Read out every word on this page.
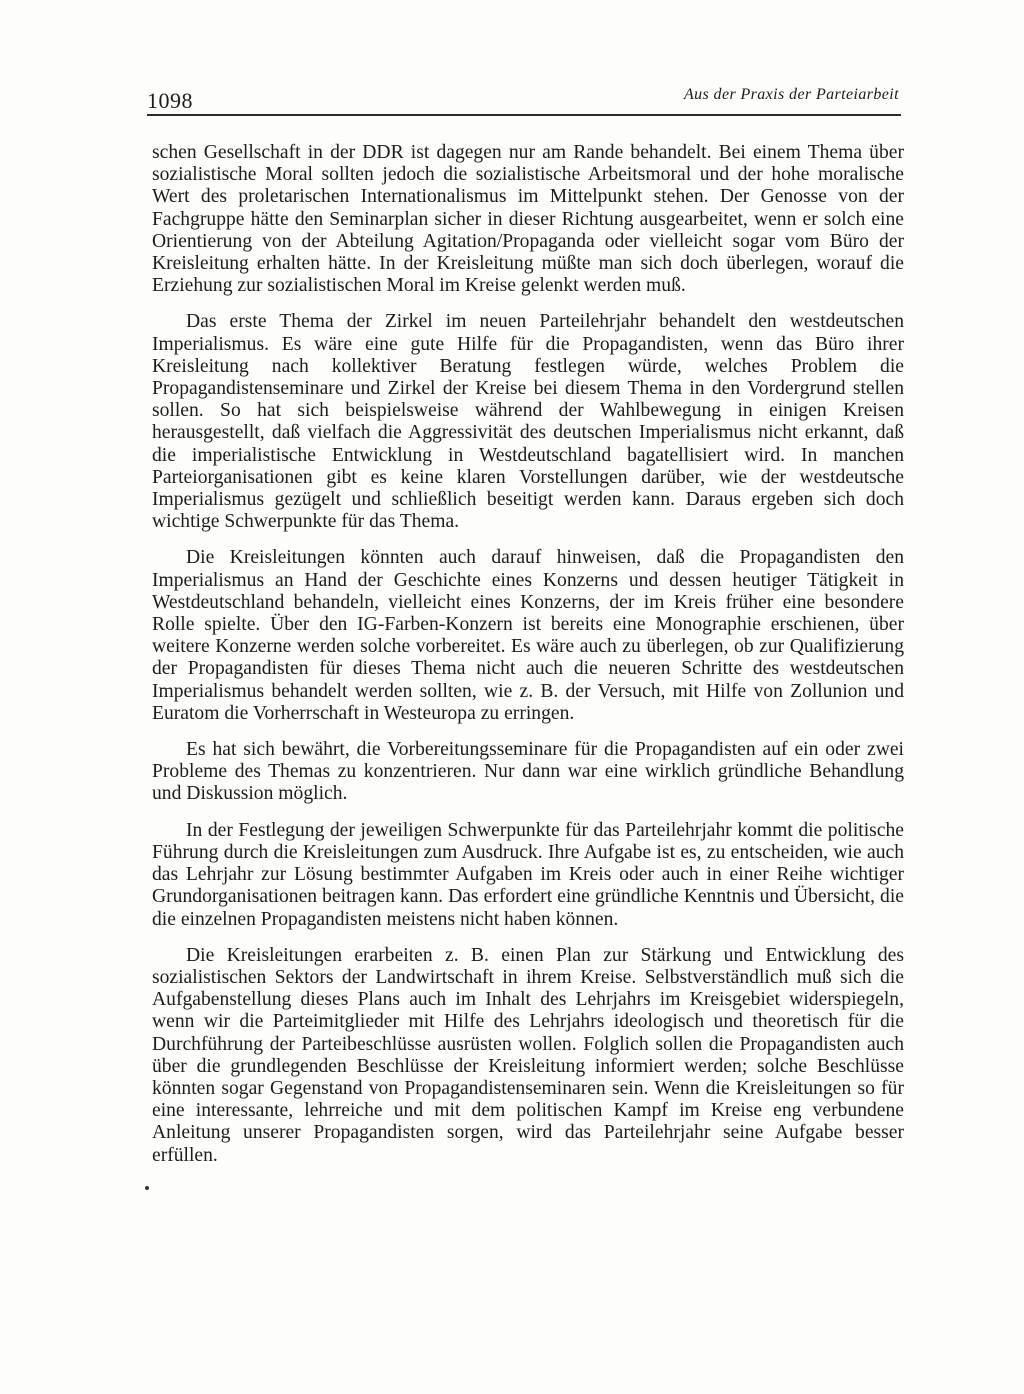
1098	Aus der Praxis der Parteiarbeit

schen Gesellschaft in der DDR ist dagegen nur am Rande behandelt. Bei einem Thema über sozialistische Moral sollten jedoch die sozialistische Arbeitsmoral und der hohe moralische Wert des proletarischen Internationalismus im Mittelpunkt stehen. Der Genosse von der Fachgruppe hätte den Seminarplan sicher in dieser Richtung ausgearbeitet, wenn er solch eine Orientierung von der Abteilung Agitation/Propaganda oder vielleicht sogar vom Büro der Kreisleitung erhalten hätte. In der Kreisleitung müßte man sich doch überlegen, worauf die Erziehung zur sozialistischen Moral im Kreise gelenkt werden muß.

Das erste Thema der Zirkel im neuen Parteilehrjahr behandelt den westdeutschen Imperialismus. Es wäre eine gute Hilfe für die Propagandisten, wenn das Büro ihrer Kreisleitung nach kollektiver Beratung festlegen würde, welches Problem die Propagandistenseminare und Zirkel der Kreise bei diesem Thema in den Vordergrund stellen sollen. So hat sich beispielsweise während der Wahlbewegung in einigen Kreisen herausgestellt, daß vielfach die Aggressivität des deutschen Imperialismus nicht erkannt, daß die imperialistische Entwicklung in Westdeutschland bagatellisiert wird. In manchen Parteiorganisationen gibt es keine klaren Vorstellungen darüber, wie der westdeutsche Imperialismus gezügelt und schließlich beseitigt werden kann. Daraus ergeben sich doch wichtige Schwerpunkte für das Thema.

Die Kreisleitungen könnten auch darauf hinweisen, daß die Propagandisten den Imperialismus an Hand der Geschichte eines Konzerns und dessen heutiger Tätigkeit in Westdeutschland behandeln, vielleicht eines Konzerns, der im Kreis früher eine besondere Rolle spielte. Über den IG-Farben-Konzern ist bereits eine Monographie erschienen, über weitere Konzerne werden solche vorbereitet. Es wäre auch zu überlegen, ob zur Qualifizierung der Propagandisten für dieses Thema nicht auch die neueren Schritte des westdeutschen Imperialismus behandelt werden sollten, wie z. B. der Versuch, mit Hilfe von Zollunion und Euratom die Vorherrschaft in Westeuropa zu erringen.

Es hat sich bewährt, die Vorbereitungsseminare für die Propagandisten auf ein oder zwei Probleme des Themas zu konzentrieren. Nur dann war eine wirklich gründliche Behandlung und Diskussion möglich.

In der Festlegung der jeweiligen Schwerpunkte für das Parteilehrjahr kommt die politische Führung durch die Kreisleitungen zum Ausdruck. Ihre Aufgabe ist es, zu entscheiden, wie auch das Lehrjahr zur Lösung bestimmter Aufgaben im Kreis oder auch in einer Reihe wichtiger Grundorganisationen beitragen kann. Das erfordert eine gründliche Kenntnis und Übersicht, die die einzelnen Propagandisten meistens nicht haben können.

Die Kreisleitungen erarbeiten z. B. einen Plan zur Stärkung und Entwicklung des sozialistischen Sektors der Landwirtschaft in ihrem Kreise. Selbstverständlich muß sich die Aufgabenstellung dieses Plans auch im Inhalt des Lehrjahrs im Kreisgebiet widerspiegeln, wenn wir die Parteimitglieder mit Hilfe des Lehrjahrs ideologisch und theoretisch für die Durchführung der Parteibeschlüsse ausrüsten wollen. Folglich sollen die Propagandisten auch über die grundlegenden Beschlüsse der Kreisleitung informiert werden; solche Beschlüsse könnten sogar Gegenstand von Propagandistenseminaren sein. Wenn die Kreisleitungen so für eine interessante, lehrreiche und mit dem politischen Kampf im Kreise eng verbundene Anleitung unserer Propagandisten sorgen, wird das Parteilehrjahr seine Aufgabe besser erfüllen.
